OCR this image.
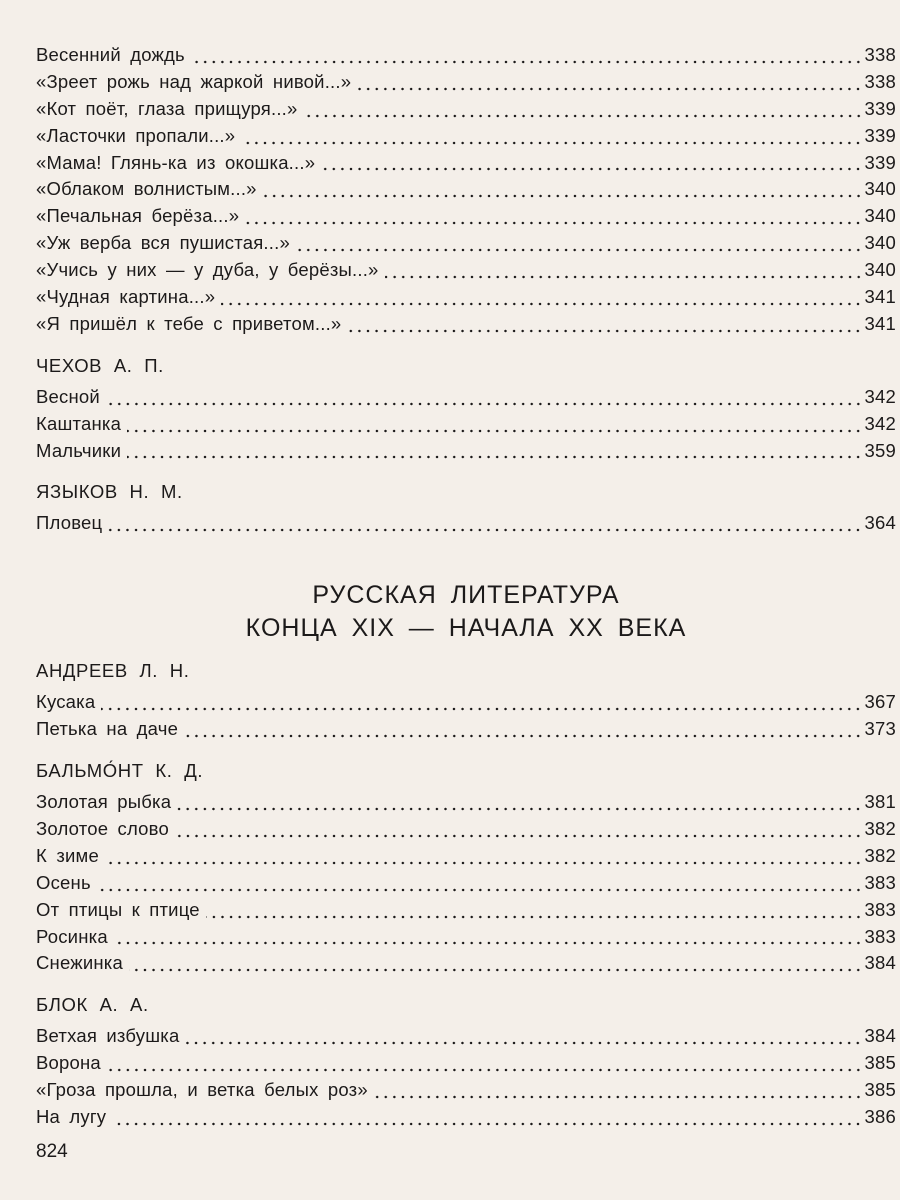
Весенний дождь	338
«Зреет рожь над жаркой нивой...»	338
«Кот поёт, глаза прищуря...»	339
«Ласточки пропали...»	339
«Мама! Глянь-ка из окошка...»	339
«Облаком волнистым...»	340
«Печальная берёза...»	340
«Уж верба вся пушистая...»	340
«Учись у них — у дуба, у берёзы...»	340
«Чудная картина...»	341
«Я пришёл к тебе с приветом...»	341
ЧЕХОВ А. П.
Весной	342
Каштанка	342
Мальчики	359
ЯЗЫКОВ Н. М.
Пловец	364
РУССКАЯ ЛИТЕРАТУРА
КОНЦА XIX — НАЧАЛА XX ВЕКА
АНДРЕЕВ Л. Н.
Кусака	367
Петька на даче	373
БАЛЬМО́НТ К. Д.
Золотая рыбка	381
Золотое слово	382
К зиме	382
Осень	383
От птицы к птице	383
Росинка	383
Снежинка	384
БЛОК А. А.
Ветхая избушка	384
Ворона	385
«Гроза прошла, и ветка белых роз»	385
На лугу	386
824
